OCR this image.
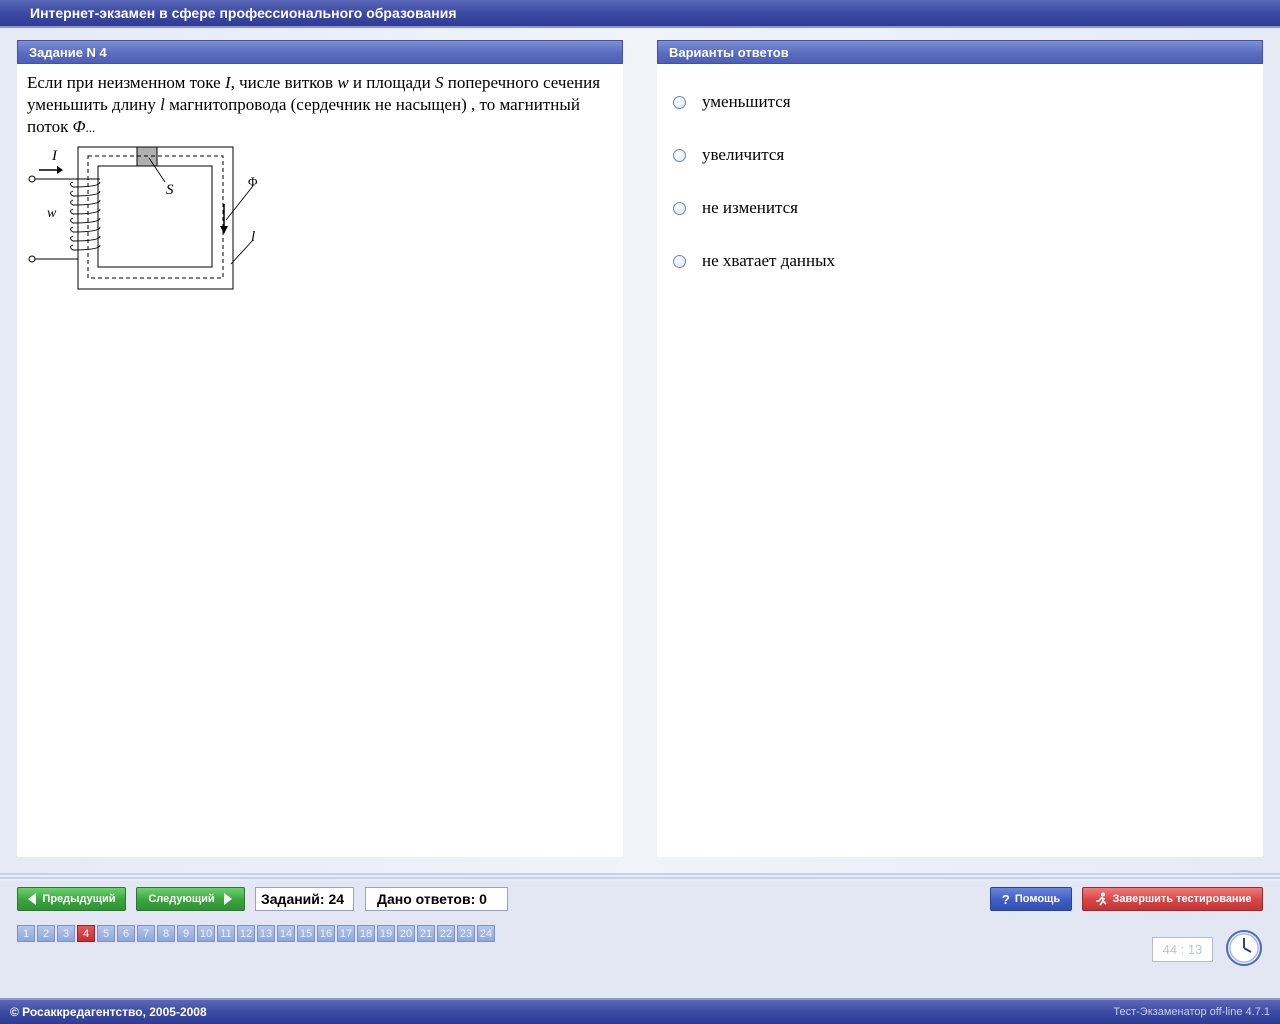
Интернет-экзамен в сфере профессионального образования
Задание N 4
Если при неизменном токе I, числе витков w и площади S поперечного сечения уменьшить длину l магнитопровода (сердечник не насыщен) , то магнитный поток Φ...
I
w
S
Φ
l
Варианты ответов
уменьшится
увеличится
не изменится
не хватает данных
Предыдущий	Следующий	Заданий: 24	Дано ответов: 0	? Помощь	Завершить тестирование
1	2	3	4	5	6	7	8	9 10 11 12 13 14 15 16 17 18 19 20 21 22 23 24
44 : 13
© Росаккредагентство, 2005-2008	Тест-Экзаменатор off-line 4.7.1
